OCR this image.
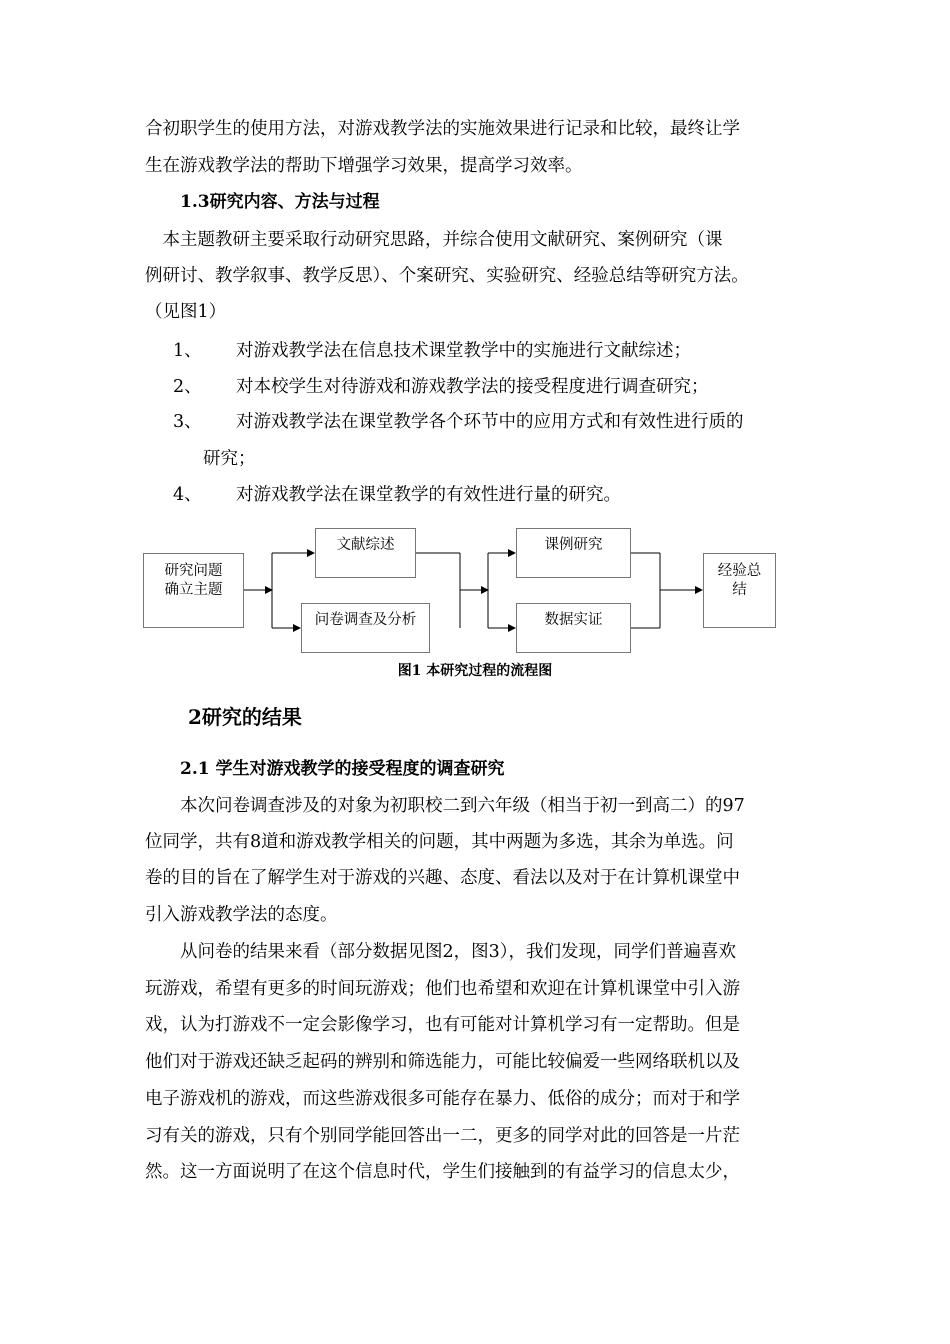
合初职学生的使用方法，对游戏教学法的实施效果进行记录和比较，最终让学
生在游戏教学法的帮助下增强学习效果，提高学习效率。
1.3研究内容、方法与过程
　本主题教研主要采取行动研究思路，并综合使用文献研究、案例研究（课
例研讨、教学叙事、教学反思）、个案研究、实验研究、经验总结等研究方法。
（见图1）
1、 对游戏教学法在信息技术课堂教学中的实施进行文献综述；
2、 对本校学生对待游戏和游戏教学法的接受程度进行调查研究；
3、 对游戏教学法在课堂教学各个环节中的应用方式和有效性进行质的
研究；
4、 对游戏教学法在课堂教学的有效性进行量的研究。
研究问题
确立主题
文献综述
问卷调查及分析
课例研究
数据实证
经验总
结
图1 本研究过程的流程图
2研究的结果
2.1 学生对游戏教学的接受程度的调查研究
　　本次问卷调查涉及的对象为初职校二到六年级（相当于初一到高二）的97
位同学，共有8道和游戏教学相关的问题，其中两题为多选，其余为单选。问
卷的目的旨在了解学生对于游戏的兴趣、态度、看法以及对于在计算机课堂中
引入游戏教学法的态度。
　　从问卷的结果来看（部分数据见图2，图3），我们发现，同学们普遍喜欢
玩游戏，希望有更多的时间玩游戏；他们也希望和欢迎在计算机课堂中引入游
戏，认为打游戏不一定会影像学习，也有可能对计算机学习有一定帮助。但是
他们对于游戏还缺乏起码的辨别和筛选能力，可能比较偏爱一些网络联机以及
电子游戏机的游戏，而这些游戏很多可能存在暴力、低俗的成分；而对于和学
习有关的游戏，只有个别同学能回答出一二，更多的同学对此的回答是一片茫
然。这一方面说明了在这个信息时代，学生们接触到的有益学习的信息太少，
